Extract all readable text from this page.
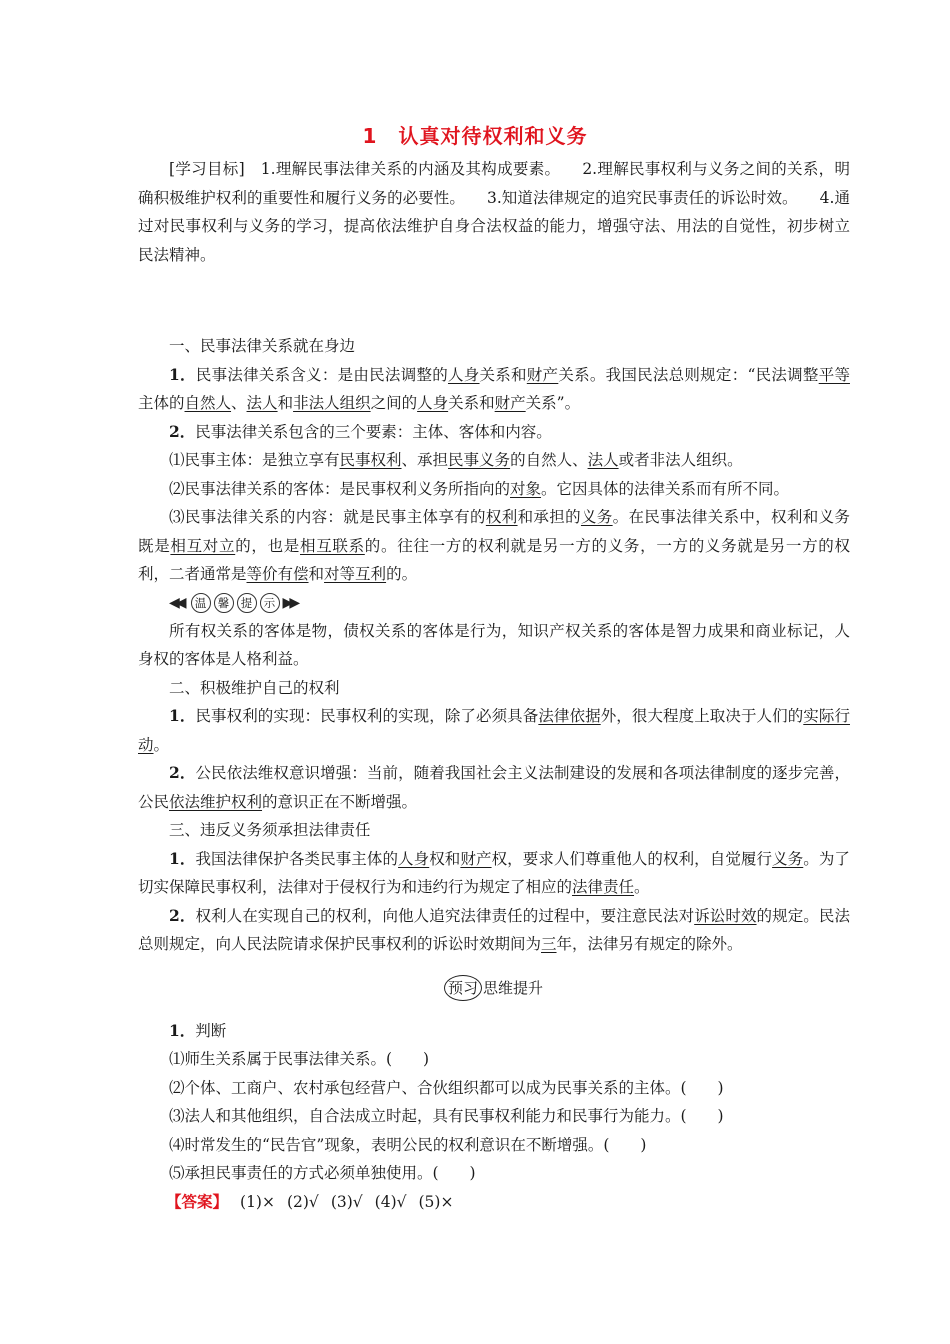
1　认真对待权利和义务
[学习目标]　 1.理解民事法律关系的内涵及其构成要素。 2.理解民事权利与义务之间的关系，明确积极维护权利的重要性和履行义务的必要性。 3.知道法律规定的追究民事责任的诉讼时效。 4.通过对民事权利与义务的学习，提高依法维护自身合法权益的能力，增强守法、用法的自觉性，初步树立民法精神。

一、民事法律关系就在身边

1．民事法律关系含义：是由民法调整的人身关系和财产关系。我国民法总则规定：“民法调整平等主体的自然人、法人和非法人组织之间的人身关系和财产关系”。

2．民事法律关系包含的三个要素：主体、客体和内容。

⑴民事主体：是独立享有民事权利、承担民事义务的自然人、法人或者非法人组织。

⑵民事法律关系的客体：是民事权利义务所指向的对象。它因具体的法律关系而有所不同。

⑶民事法律关系的内容：就是民事主体享有的权利和承担的义务。在民事法律关系中，权利和义务既是相互对立的，也是相互联系的。往往一方的权利就是另一方的义务，一方的义务就是另一方的权利，二者通常是等价有偿和对等互利的。

◀◀	温	馨	提	示 ▶▶

所有权关系的客体是物，债权关系的客体是行为，知识产权关系的客体是智力成果和商业标记，人身权的客体是人格利益。

二、积极维护自己的权利

1．民事权利的实现：民事权利的实现，除了必须具备法律依据外，很大程度上取决于人们的实际行动。

2．公民依法维权意识增强：当前，随着我国社会主义法制建设的发展和各项法律制度的逐步完善，公民依法维护权利的意识正在不断增强。

三、违反义务须承担法律责任

1．我国法律保护各类民事主体的人身权和财产权，要求人们尊重他人的权利，自觉履行义务。为了切实保障民事权利，法律对于侵权行为和违约行为规定了相应的法律责任。

2．权利人在实现自己的权利，向他人追究法律责任的过程中，要注意民法对诉讼时效的规定。民法总则规定，向人民法院请求保护民事权利的诉讼时效期间为三年，法律另有规定的除外。

预习 思维提升

1．判断

⑴师生关系属于民事法律关系。(　　)

⑵个体、工商户、农村承包经营户、合伙组织都可以成为民事关系的主体。(　　)

⑶法人和其他组织，自合法成立时起，具有民事权利能力和民事行为能力。(　　)

⑷时常发生的“民告官”现象，表明公民的权利意识在不断增强。(　　)

⑸承担民事责任的方式必须单独使用。(　　)

【答案】 (1)× (2)√ (3)√ (4)√ (5)×
